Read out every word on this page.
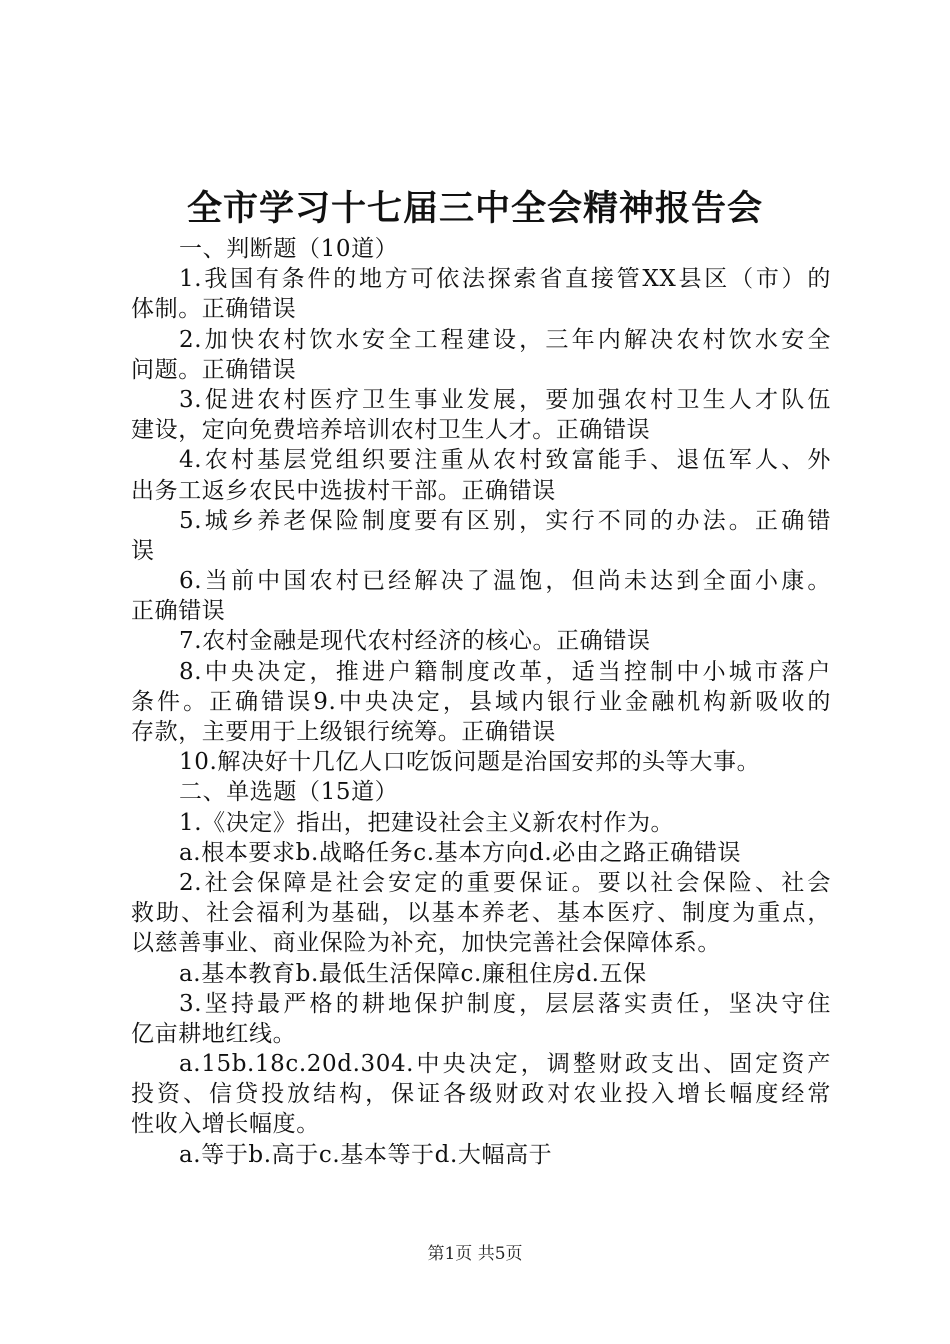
全市学习十七届三中全会精神报告会

一、判断题（10道）

1.我国有条件的地方可依法探索省直接管XX县区（市）的

体制。正确错误

2.加快农村饮水安全工程建设，三年内解决农村饮水安全

问题。正确错误

3.促进农村医疗卫生事业发展，要加强农村卫生人才队伍

建设，定向免费培养培训农村卫生人才。正确错误

4.农村基层党组织要注重从农村致富能手、退伍军人、外

出务工返乡农民中选拔村干部。正确错误

5.城乡养老保险制度要有区别，实行不同的办法。正确错

误

6.当前中国农村已经解决了温饱，但尚未达到全面小康。

正确错误

7.农村金融是现代农村经济的核心。正确错误

8.中央决定，推进户籍制度改革，适当控制中小城市落户

条件。正确错误9.中央决定，县域内银行业金融机构新吸收的

存款，主要用于上级银行统筹。正确错误

10.解决好十几亿人口吃饭问题是治国安邦的头等大事。

二、单选题（15道）

1.《决定》指出，把建设社会主义新农村作为。

a.根本要求b.战略任务c.基本方向d.必由之路正确错误

2.社会保障是社会安定的重要保证。要以社会保险、社会

救助、社会福利为基础，以基本养老、基本医疗、制度为重点，

以慈善事业、商业保险为补充，加快完善社会保障体系。

a.基本教育b.最低生活保障c.廉租住房d.五保

3.坚持最严格的耕地保护制度，层层落实责任，坚决守住

亿亩耕地红线。

a.15b.18c.20d.304.中央决定，调整财政支出、固定资产

投资、信贷投放结构，保证各级财政对农业投入增长幅度经常

性收入增长幅度。

a.等于b.高于c.基本等于d.大幅高于

第1页 共5页
